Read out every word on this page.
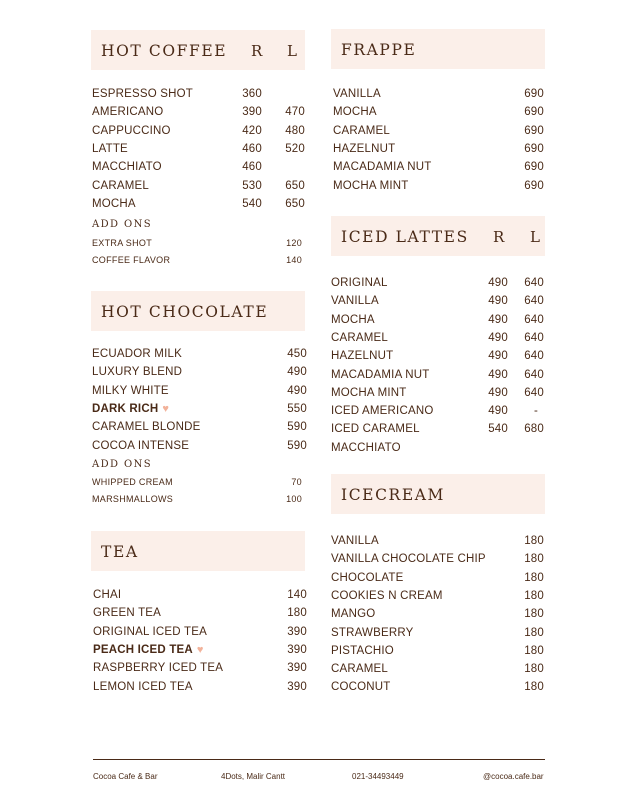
HOT COFFEE R L
ESPRESSO SHOT	360
AMERICANO	390	470
CAPPUCCINO	420	480
LATTE	460	520
MACCHIATO	460
CARAMEL	530	650
MOCHA	540	650
ADD ONS
EXTRA SHOT	120
COFFEE FLAVOR	140
HOT CHOCOLATE
ECUADOR MILK	450
LUXURY BLEND	490
MILKY WHITE	490
DARK RICH ♥	550
CARAMEL BLONDE	590
COCOA INTENSE	590
ADD ONS
WHIPPED CREAM	70
MARSHMALLOWS	100
TEA
CHAI	140
GREEN TEA	180
ORIGINAL ICED TEA	390
PEACH ICED TEA ♥	390
RASPBERRY ICED TEA	390
LEMON ICED TEA	390
FRAPPE
VANILLA	690
MOCHA	690
CARAMEL	690
HAZELNUT	690
MACADAMIA NUT	690
MOCHA MINT	690
ICED LATTES R L
ORIGINAL	490	640
VANILLA	490	640
MOCHA	490	640
CARAMEL	490	640
HAZELNUT	490	640
MACADAMIA NUT	490	640
MOCHA MINT	490	640
ICED AMERICANO	490	-
ICED CARAMEL	540	680
MACCHIATO
ICECREAM
VANILLA	180
VANILLA CHOCOLATE CHIP	180
CHOCOLATE	180
COOKIES N CREAM	180
MANGO	180
STRAWBERRY	180
PISTACHIO	180
CARAMEL	180
COCONUT	180
Cocoa Cafe & Bar	4Dots, Malir Cantt	021-34493449	@cocoa.cafe.bar
